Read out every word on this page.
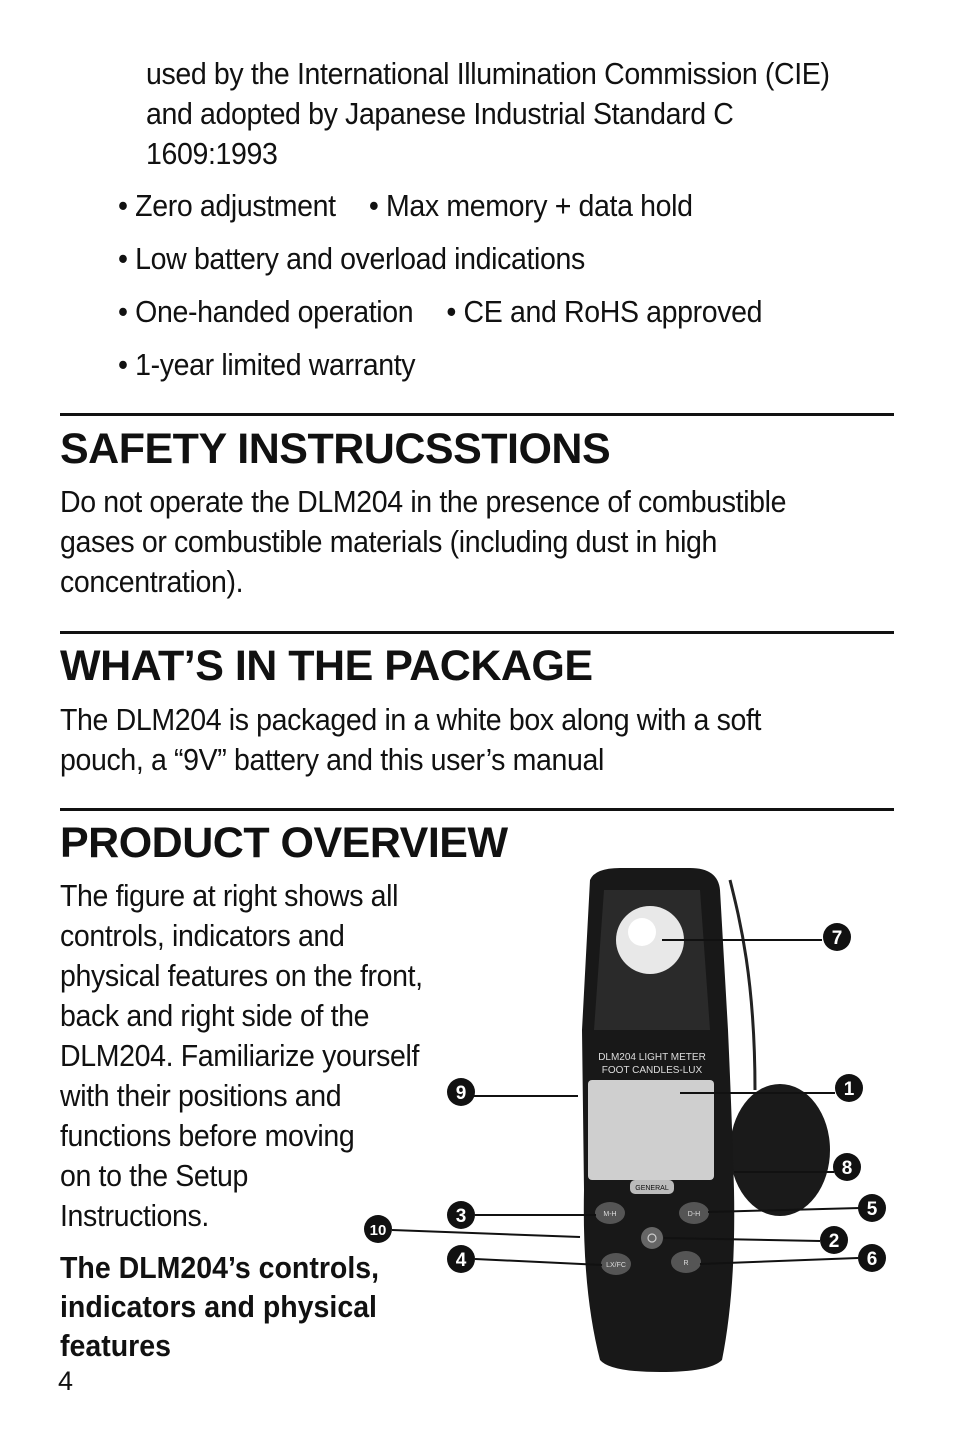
used by the International Illumination Commission (CIE)
and adopted by Japanese Industrial Standard C
1609:1993
• Zero adjustment • Max memory + data hold
• Low battery and overload indications
• One-handed operation • CE and RoHS approved
• 1-year limited warranty
SAFETY INSTRUCSSTIONS
Do not operate the DLM204 in the presence of combustible
gases or combustible materials (including dust in high
concentration).
WHAT’S IN THE PACKAGE
The DLM204 is packaged in a white box along with a soft
pouch, a “9V” battery and this user’s manual
PRODUCT OVERVIEW
The figure at right shows all
controls, indicators and
physical features on the front,
back and right side of the
DLM204. Familiarize yourself
with their positions and
functions before moving
on to the Setup
Instructions.
The DLM204’s controls,
indicators and physical
features
DLM204 LIGHT METER
FOOT CANDLES-LUX
GENERAL
M-H	D-H
LX/FC	R
7
1
9
8
3	5
10
2
4	6
4
